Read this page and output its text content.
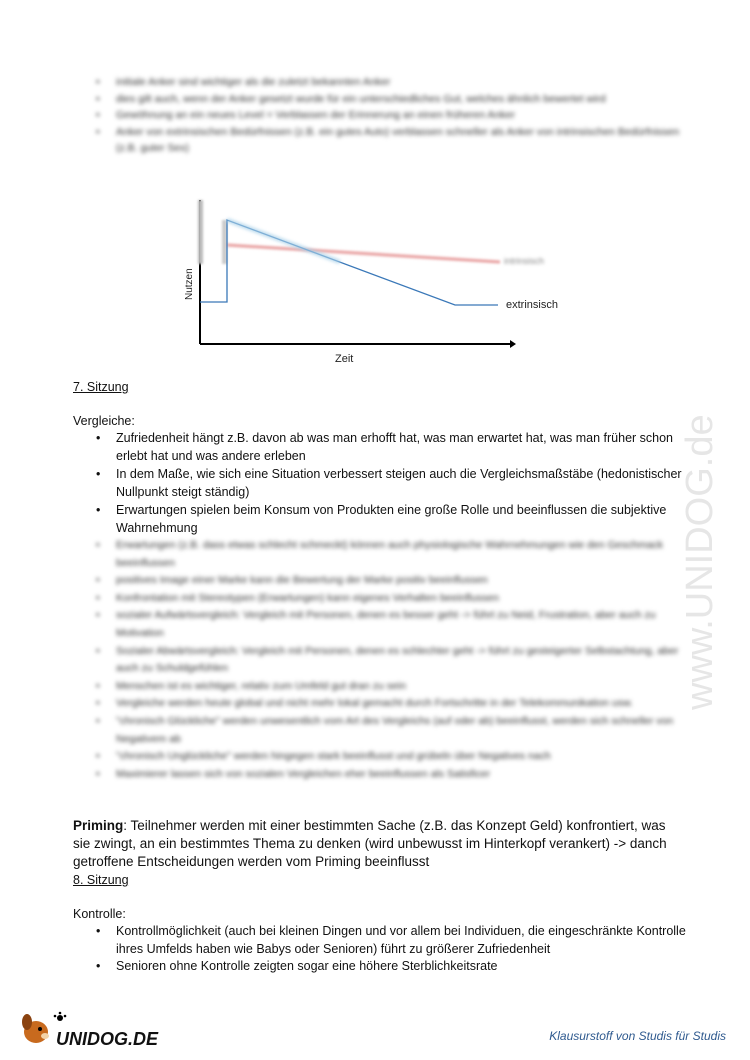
• initiale Anker sind wichtiger als die zuletzt bekannten Anker
• dies gilt auch, wenn der Anker gesetzt wurde für ein unterschiedliches Gut, welches ähnlich bewertet wird
• Gewöhnung an ein neues Level = Verblassen der Erinnerung an einen früheren Anker
• Anker von extrinsischen Bedürfnissen (z.B. ein gutes Auto) verblassen schneller als Anker von intrinsischen Bedürfnissen (z.B. guter Sex)
intrinsisch
extrinsisch
Zeit
Nutzen
7. Sitzung
Vergleiche:
• Zufriedenheit hängt z.B. davon ab was man erhofft hat, was man erwartet hat, was man früher schon erlebt hat und was andere erleben
• In dem Maße, wie sich eine Situation verbessert steigen auch die Vergleichsmaßstäbe (hedonistischer Nullpunkt steigt ständig)
• Erwartungen spielen beim Konsum von Produkten eine große Rolle und beeinflussen die subjektive Wahrnehmung
• Erwartungen (z.B. dass etwas schlecht schmeckt) können auch physiologische Wahrnehmungen wie den Geschmack beeinflussen
• positives Image einer Marke kann die Bewertung der Marke positiv beeinflussen
• Konfrontation mit Stereotypen (Erwartungen) kann eigenes Verhalten beeinflussen
• sozialer Aufwärtsvergleich: Vergleich mit Personen, denen es besser geht -> führt zu Neid, Frustration, aber auch zu Motivation
• Sozialer Abwärtsvergleich: Vergleich mit Personen, denen es schlechter geht -> führt zu gesteigerter Selbstachtung, aber auch zu Schuldgefühlen
• Menschen ist es wichtiger, relativ zum Umfeld gut dran zu sein
• Vergleiche werden heute global und nicht mehr lokal gemacht durch Fortschritte in der Telekommunikation usw.
• "chronisch Glückliche" werden unwesentlich vom Art des Vergleichs (auf oder ab) beeinflusst, werden sich schneller von Negativem ab
• "chronisch Unglückliche" werden hingegen stark beeinflusst und grübeln über Negatives nach
• Maximierer lassen sich von sozialen Vergleichen eher beeinflussen als Satisficer

Priming: Teilnehmer werden mit einer bestimmten Sache (z.B. das Konzept Geld) konfrontiert, was sie zwingt, an ein bestimmtes Thema zu denken (wird unbewusst im Hinterkopf verankert) -> danch getroffene Entscheidungen werden vom Priming beeinflusst

8. Sitzung
Kontrolle:
• Kontrollmöglichkeit (auch bei kleinen Dingen und vor allem bei Individuen, die eingeschränkte Kontrolle ihres Umfelds haben wie Babys oder Senioren) führt zu größerer Zufriedenheit
• Senioren ohne Kontrolle zeigten sogar eine höhere Sterblichkeitsrate
www.UNIDOG.de
UNIDOG.DE	Klausurstoff von Studis für Studis
